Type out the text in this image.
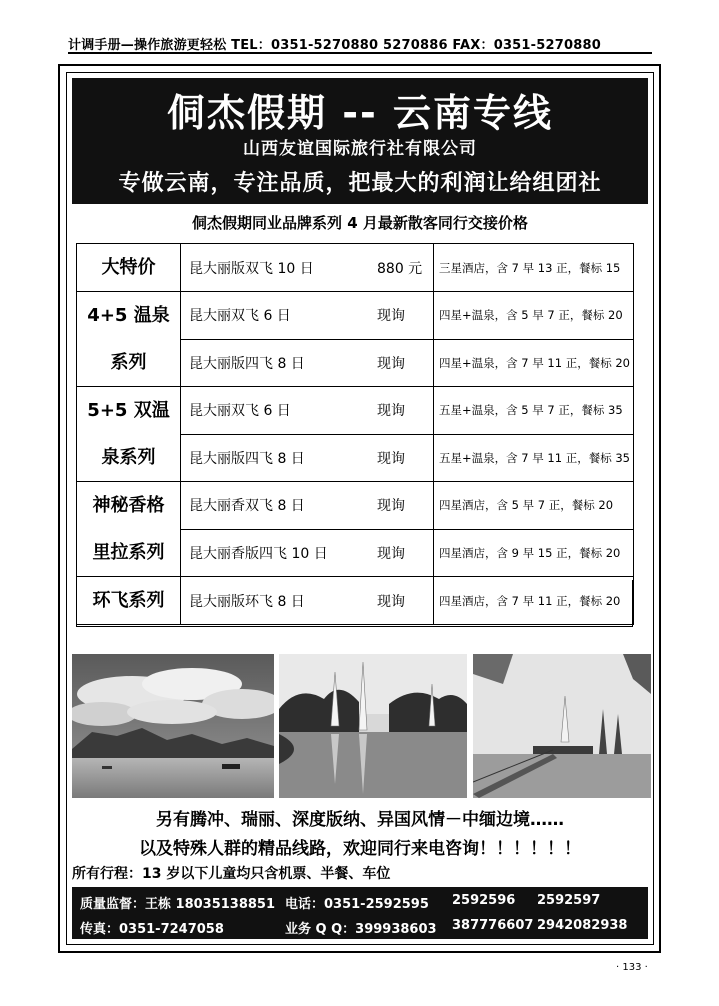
计调手册—操作旅游更轻松 TEL：0351-5270880 5270886 FAX：0351-5270880
侗杰假期 -- 云南专线
山西友谊国际旅行社有限公司
专做云南，专注品质，把最大的利润让给组团社
侗杰假期同业品牌系列 4 月最新散客同行交接价格
大特价	昆大丽版双飞 10 日 880 元	三星酒店，含 7 早 13 正，餐标 15

4+5 温泉
系列	昆大丽双飞 6 日 现询	四星+温泉，含 5 早 7 正，餐标 20
	昆大丽版四飞 8 日 现询	四星+温泉，含 7 早 11 正，餐标 20

5+5 双温
泉系列	昆大丽双飞 6 日 现询	五星+温泉，含 5 早 7 正，餐标 35
	昆大丽版四飞 8 日 现询	五星+温泉，含 7 早 11 正，餐标 35

神秘香格
里拉系列	昆大丽香双飞 8 日 现询	四星酒店，含 5 早 7 正，餐标 20
	昆大丽香版四飞 10 日 现询	四星酒店，含 9 早 15 正，餐标 20

环飞系列	昆大丽版环飞 8 日 现询	四星酒店，含 7 早 11 正，餐标 20
另有腾冲、瑞丽、深度版纳、异国风情－中缅边境……
以及特殊人群的精品线路，欢迎同行来电咨询！！！！！！
所有行程：13 岁以下儿童均只含机票、半餐、车位
质量监督：王栋 18035138851 电话：0351-2592595 2592596 2592597
传真：0351-7247058	业务 Q Q：399938603 387776607 2942082938
· 133 ·
